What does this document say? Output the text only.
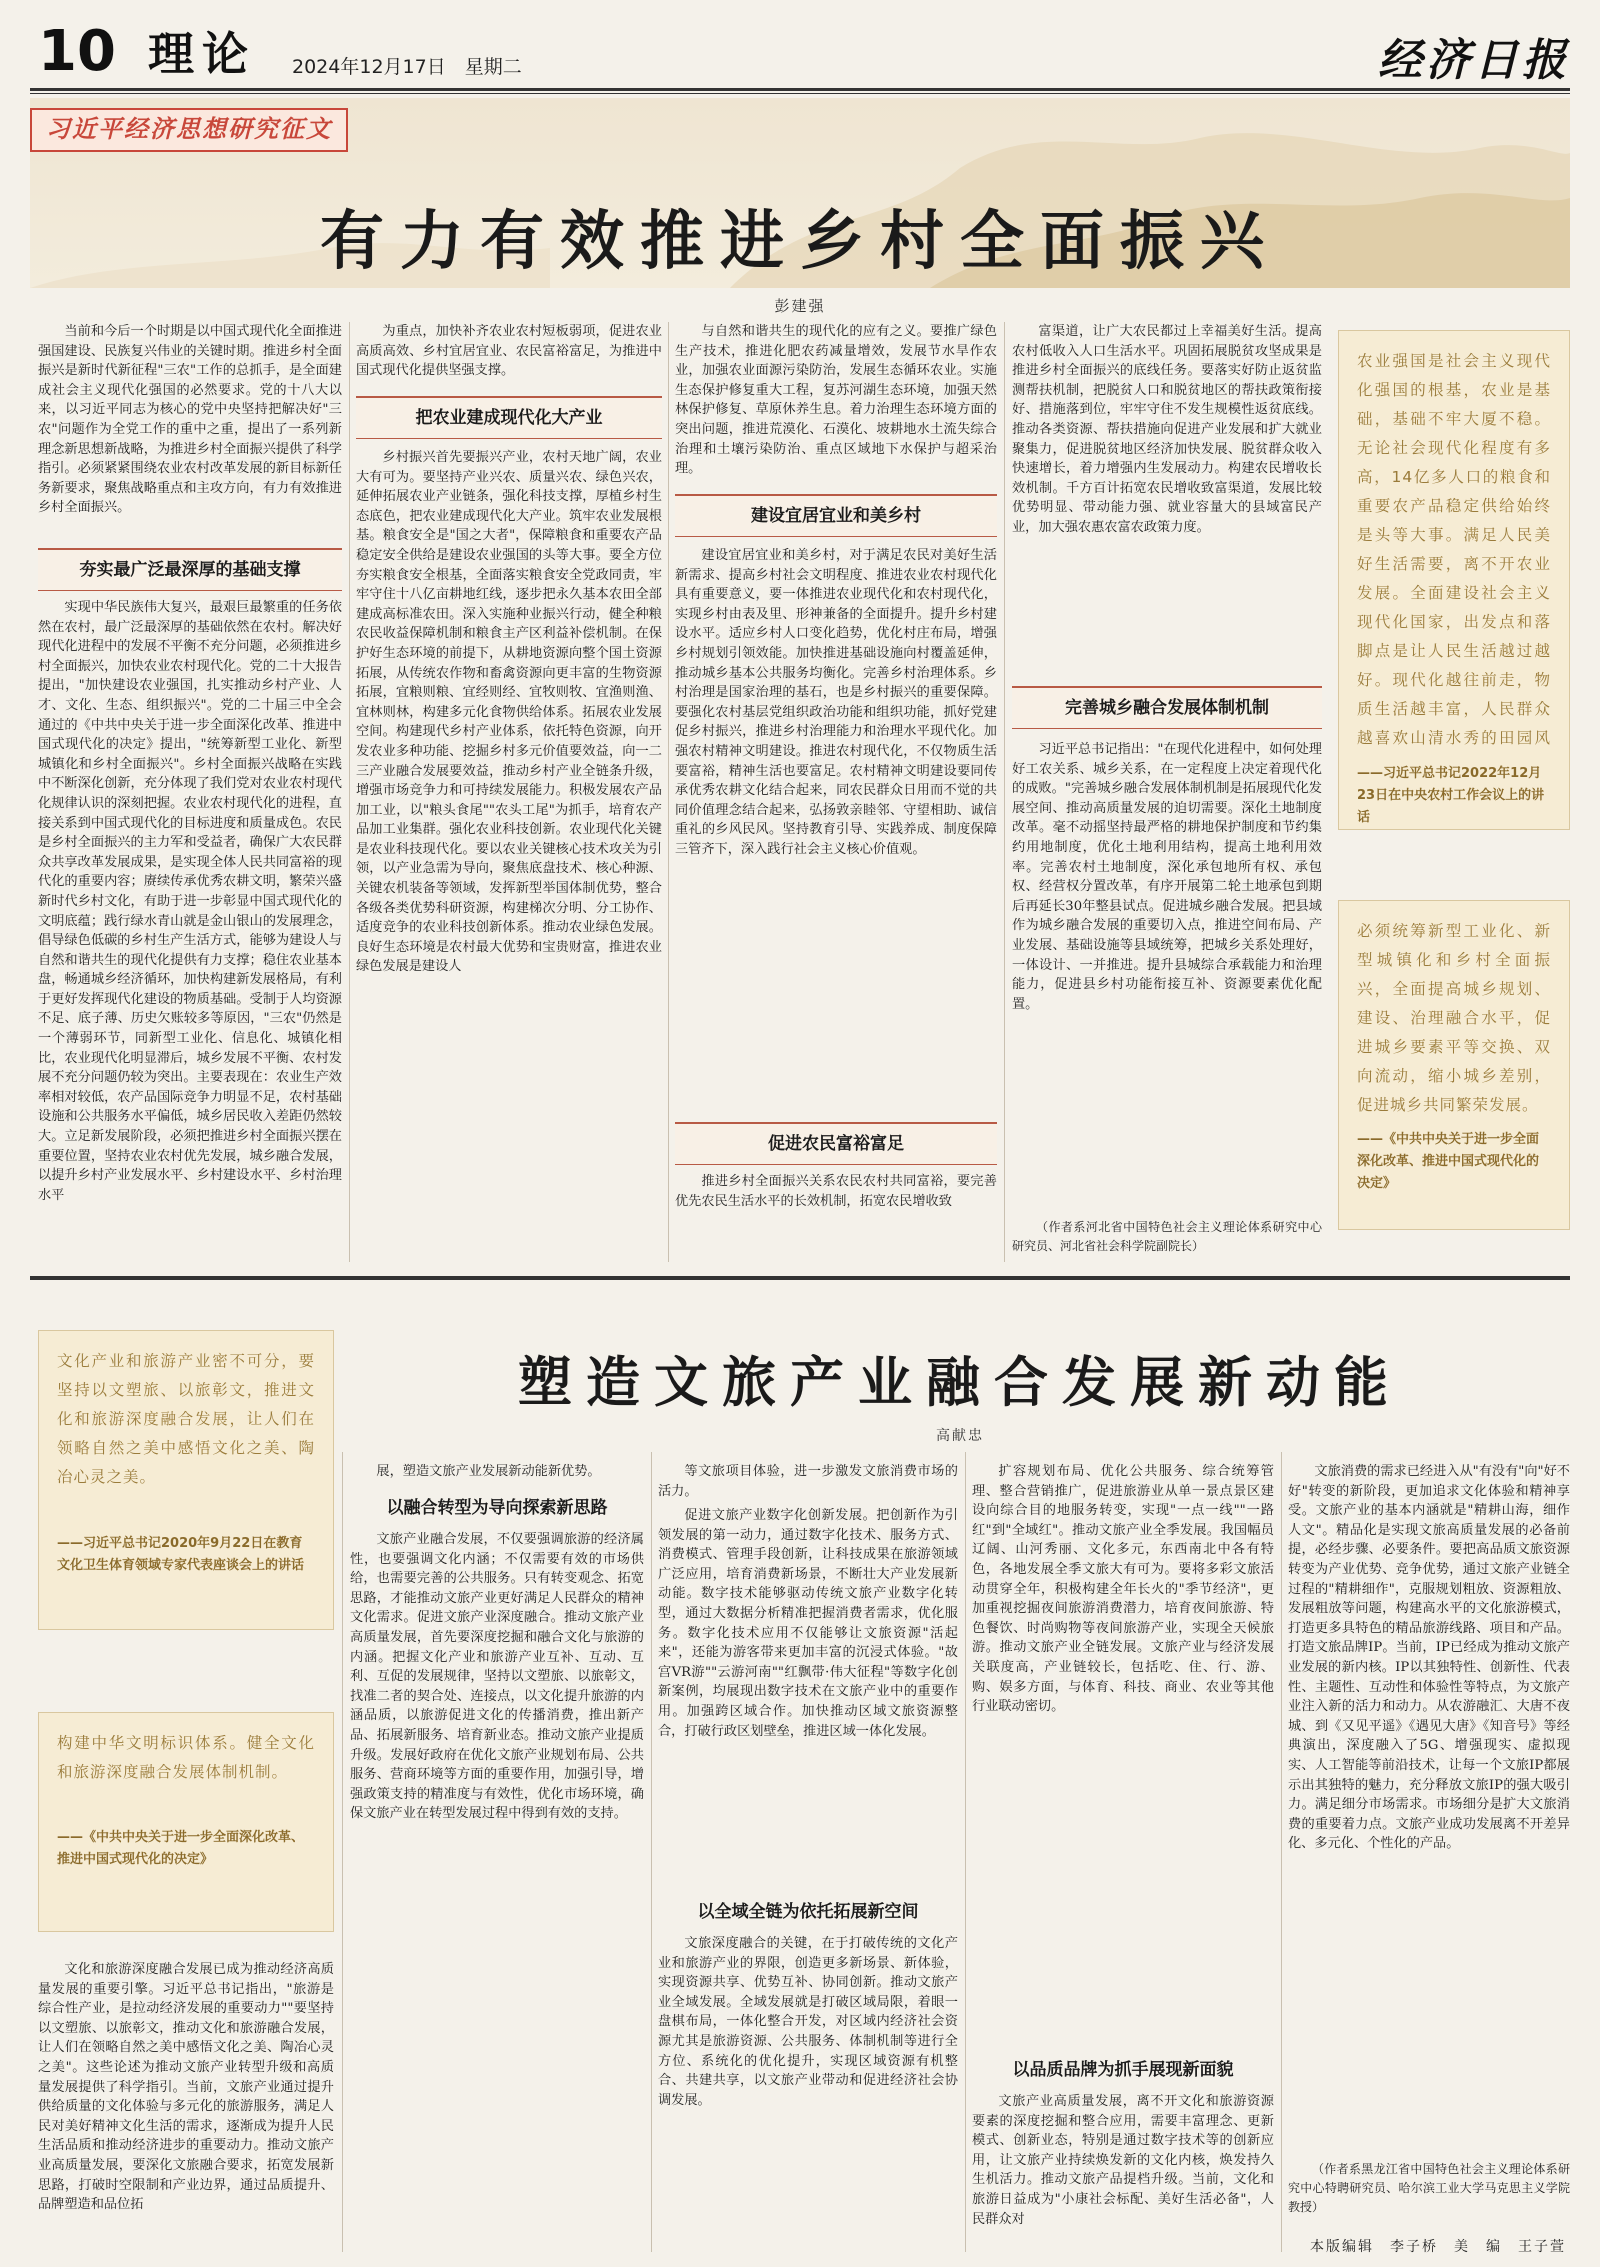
10 理论 2024年12月17日　星期二	经济日报
习近平经济思想研究征文
有力有效推进乡村全面振兴
彭建强

当前和今后一个时期是以中国式现代化全面推进强国建设、民族复兴伟业的关键时期。推进乡村全面振兴是新时代新征程"三农"工作的总抓手，是全面建成社会主义现代化强国的必然要求。党的十八大以来，以习近平同志为核心的党中央坚持把解决好"三农"问题作为全党工作的重中之重，提出了一系列新理念新思想新战略，为推进乡村全面振兴提供了科学指引。必须紧紧围绕农业农村改革发展的新目标新任务新要求，聚焦战略重点和主攻方向，有力有效推进乡村全面振兴。

夯实最广泛最深厚的基础支撑

实现中华民族伟大复兴，最艰巨最繁重的任务依然在农村，最广泛最深厚的基础依然在农村。解决好现代化进程中的发展不平衡不充分问题，必须推进乡村全面振兴，加快农业农村现代化。党的二十大报告提出，"加快建设农业强国，扎实推动乡村产业、人才、文化、生态、组织振兴"。党的二十届三中全会通过的《中共中央关于进一步全面深化改革、推进中国式现代化的决定》提出，"统筹新型工业化、新型城镇化和乡村全面振兴"。乡村全面振兴战略在实践中不断深化创新，充分体现了我们党对农业农村现代化规律认识的深刻把握。农业农村现代化的进程，直接关系到中国式现代化的目标进度和质量成色。农民是乡村全面振兴的主力军和受益者，确保广大农民群众共享改革发展成果，是实现全体人民共同富裕的现代化的重要内容；赓续传承优秀农耕文明，繁荣兴盛新时代乡村文化，有助于进一步彰显中国式现代化的文明底蕴；践行绿水青山就是金山银山的发展理念，倡导绿色低碳的乡村生产生活方式，能够为建设人与自然和谐共生的现代化提供有力支撑；稳住农业基本盘，畅通城乡经济循环，加快构建新发展格局，有利于更好发挥现代化建设的物质基础。受制于人均资源不足、底子薄、历史欠账较多等原因，"三农"仍然是一个薄弱环节，同新型工业化、信息化、城镇化相比，农业现代化明显滞后，城乡发展不平衡、农村发展不充分问题仍较为突出。主要表现在：农业生产效率相对较低，农产品国际竞争力明显不足，农村基础设施和公共服务水平偏低，城乡居民收入差距仍然较大。立足新发展阶段，必须把推进乡村全面振兴摆在重要位置，坚持农业农村优先发展，城乡融合发展，以提升乡村产业发展水平、乡村建设水平、乡村治理水平

为重点，加快补齐农业农村短板弱项，促进农业高质高效、乡村宜居宜业、农民富裕富足，为推进中国式现代化提供坚强支撑。

把农业建成现代化大产业

乡村振兴首先要振兴产业，农村天地广阔，农业大有可为。要坚持产业兴农、质量兴农、绿色兴农，延伸拓展农业产业链条，强化科技支撑，厚植乡村生态底色，把农业建成现代化大产业。筑牢农业发展根基。粮食安全是"国之大者"，保障粮食和重要农产品稳定安全供给是建设农业强国的头等大事。要全方位夯实粮食安全根基，全面落实粮食安全党政同责，牢牢守住十八亿亩耕地红线，逐步把永久基本农田全部建成高标准农田。深入实施种业振兴行动，健全种粮农民收益保障机制和粮食主产区利益补偿机制。在保护好生态环境的前提下，从耕地资源向整个国土资源拓展，从传统农作物和畜禽资源向更丰富的生物资源拓展，宜粮则粮、宜经则经、宜牧则牧、宜渔则渔、宜林则林，构建多元化食物供给体系。拓展农业发展空间。构建现代乡村产业体系，依托特色资源，向开发农业多种功能、挖掘乡村多元价值要效益，向一二三产业融合发展要效益，推动乡村产业全链条升级，增强市场竞争力和可持续发展能力。积极发展农产品加工业，以"粮头食尾""农头工尾"为抓手，培育农产品加工业集群。强化农业科技创新。农业现代化关键是农业科技现代化。要以农业关键核心技术攻关为引领，以产业急需为导向，聚焦底盘技术、核心种源、关键农机装备等领域，发挥新型举国体制优势，整合各级各类优势科研资源，构建梯次分明、分工协作、适度竞争的农业科技创新体系。推动农业绿色发展。良好生态环境是农村最大优势和宝贵财富，推进农业绿色发展是建设人

与自然和谐共生的现代化的应有之义。要推广绿色生产技术，推进化肥农药减量增效，发展节水旱作农业，加强农业面源污染防治，发展生态循环农业。实施生态保护修复重大工程，复苏河湖生态环境，加强天然林保护修复、草原休养生息。着力治理生态环境方面的突出问题，推进荒漠化、石漠化、坡耕地水土流失综合治理和土壤污染防治、重点区域地下水保护与超采治理。

建设宜居宜业和美乡村

建设宜居宜业和美乡村，对于满足农民对美好生活新需求、提高乡村社会文明程度、推进农业农村现代化具有重要意义，要一体推进农业现代化和农村现代化，实现乡村由表及里、形神兼备的全面提升。提升乡村建设水平。适应乡村人口变化趋势，优化村庄布局，增强乡村规划引领效能。加快推进基础设施向村覆盖延伸，推动城乡基本公共服务均衡化。完善乡村治理体系。乡村治理是国家治理的基石，也是乡村振兴的重要保障。要强化农村基层党组织政治功能和组织功能，抓好党建促乡村振兴，推进乡村治理能力和治理水平现代化。加强农村精神文明建设。推进农村现代化，不仅物质生活要富裕，精神生活也要富足。农村精神文明建设要同传承优秀农耕文化结合起来，同农民群众日用而不觉的共同价值理念结合起来，弘扬敦亲睦邻、守望相助、诚信重礼的乡风民风。坚持教育引导、实践养成、制度保障三管齐下，深入践行社会主义核心价值观。

促进农民富裕富足

推进乡村全面振兴关系农民农村共同富裕，要完善优先农民生活水平的长效机制，拓宽农民增收致

富渠道，让广大农民都过上幸福美好生活。提高农村低收入人口生活水平。巩固拓展脱贫攻坚成果是推进乡村全面振兴的底线任务。要落实好防止返贫监测帮扶机制，把脱贫人口和脱贫地区的帮扶政策衔接好、措施落到位，牢牢守住不发生规模性返贫底线。推动各类资源、帮扶措施向促进产业发展和扩大就业聚集力，促进脱贫地区经济加快发展、脱贫群众收入快速增长，着力增强内生发展动力。构建农民增收长效机制。千方百计拓宽农民增收致富渠道，发展比较优势明显、带动能力强、就业容量大的县域富民产业，加大强农惠农富农政策力度。

完善城乡融合发展体制机制

习近平总书记指出："在现代化进程中，如何处理好工农关系、城乡关系，在一定程度上决定着现代化的成败。"完善城乡融合发展体制机制是拓展现代化发展空间、推动高质量发展的迫切需要。深化土地制度改革。毫不动摇坚持最严格的耕地保护制度和节约集约用地制度，优化土地利用结构，提高土地利用效率。完善农村土地制度，深化承包地所有权、承包权、经营权分置改革，有序开展第二轮土地承包到期后再延长30年整县试点。促进城乡融合发展。把县域作为城乡融合发展的重要切入点，推进空间布局、产业发展、基础设施等县域统筹，把城乡关系处理好，一体设计、一并推进。提升县城综合承载能力和治理能力，促进县乡村功能衔接互补、资源要素优化配置。

（作者系河北省中国特色社会主义理论体系研究中心研究员、河北省社会科学院副院长）

农业强国是社会主义现代化强国的根基，农业是基础，基础不牢大厦不稳。无论社会现代化程度有多高，14亿多人口的粮食和重要农产品稳定供给始终是头等大事。满足人民美好生活需要，离不开农业发展。全面建设社会主义现代化国家，出发点和落脚点是让人民生活越过越好。现代化越往前走，物质生活越丰富，人民群众越喜欢山清水秀的田园风
——习近平总书记2022年12月23日在中央农村工作会议上的讲话
必须统筹新型工业化、新型城镇化和乡村全面振兴，全面提高城乡规划、建设、治理融合水平，促进城乡要素平等交换、双向流动，缩小城乡差别，促进城乡共同繁荣发展。
——《中共中央关于进一步全面深化改革、推进中国式现代化的决定》
塑造文旅产业融合发展新动能
高献忠
文化产业和旅游产业密不可分，要坚持以文塑旅、以旅彰文，推进文化和旅游深度融合发展，让人们在领略自然之美中感悟文化之美、陶冶心灵之美。
——习近平总书记2020年9月22日在教育文化卫生体育领域专家代表座谈会上的讲话
构建中华文明标识体系。健全文化和旅游深度融合发展体制机制。
——《中共中央关于进一步全面深化改革、推进中国式现代化的决定》

文化和旅游深度融合发展已成为推动经济高质量发展的重要引擎。习近平总书记指出，"旅游是综合性产业，是拉动经济发展的重要动力""要坚持以文塑旅、以旅彰文，推动文化和旅游融合发展，让人们在领略自然之美中感悟文化之美、陶冶心灵之美"。这些论述为推动文旅产业转型升级和高质量发展提供了科学指引。当前，文旅产业通过提升供给质量的文化体验与多元化的旅游服务，满足人民对美好精神文化生活的需求，逐渐成为提升人民生活品质和推动经济进步的重要动力。推动文旅产业高质量发展，要深化文旅融合要求，拓宽发展新思路，打破时空限制和产业边界，通过品质提升、品牌塑造和品位拓

展，塑造文旅产业发展新动能新优势。

以融合转型为导向探索新思路

文旅产业融合发展，不仅要强调旅游的经济属性，也要强调文化内涵；不仅需要有效的市场供给，也需要完善的公共服务。只有转变观念、拓宽思路，才能推动文旅产业更好满足人民群众的精神文化需求。促进文旅产业深度融合。推动文旅产业高质量发展，首先要深度挖掘和融合文化与旅游的内涵。把握文化产业和旅游产业互补、互动、互利、互促的发展规律，坚持以文塑旅、以旅彰文，找准二者的契合处、连接点，以文化提升旅游的内涵品质，以旅游促进文化的传播消费，推出新产品、拓展新服务、培育新业态。推动文旅产业提质升级。发展好政府在优化文旅产业规划布局、公共服务、营商环境等方面的重要作用，加强引导，增强政策支持的精准度与有效性，优化市场环境，确保文旅产业在转型发展过程中得到有效的支持。

等文旅项目体验，进一步激发文旅消费市场的活力。

促进文旅产业数字化创新发展。把创新作为引领发展的第一动力，通过数字化技术、服务方式、消费模式、管理手段创新，让科技成果在旅游领域广泛应用，培育消费新场景，不断壮大产业发展新动能。数字技术能够驱动传统文旅产业数字化转型，通过大数据分析精准把握消费者需求，优化服务。数字化技术应用不仅能够让文旅资源"活起来"，还能为游客带来更加丰富的沉浸式体验。"故宫VR游""云游河南""红飘带·伟大征程"等数字化创新案例，均展现出数字技术在文旅产业中的重要作用。加强跨区域合作。加快推动区域文旅资源整合，打破行政区划壁垒，推进区域一体化发展。

以全域全链为依托拓展新空间

文旅深度融合的关键，在于打破传统的文化产业和旅游产业的界限，创造更多新场景、新体验，实现资源共享、优势互补、协同创新。推动文旅产业全域发展。全域发展就是打破区域局限，着眼一盘棋布局，一体化整合开发，对区域内经济社会资源尤其是旅游资源、公共服务、体制机制等进行全方位、系统化的优化提升，实现区域资源有机整合、共建共享，以文旅产业带动和促进经济社会协调发展。

扩容规划布局、优化公共服务、综合统筹管理、整合营销推广，促进旅游业从单一景点景区建设向综合目的地服务转变，实现"一点一线""一路红"到"全域红"。推动文旅产业全季发展。我国幅员辽阔、山河秀丽、文化多元，东西南北中各有特色，各地发展全季文旅大有可为。要将多彩文旅活动贯穿全年，积极构建全年长火的"季节经济"，更加重视挖掘夜间旅游消费潜力，培育夜间旅游、特色餐饮、时尚购物等夜间旅游产业，实现全天候旅游。推动文旅产业全链发展。文旅产业与经济发展关联度高，产业链较长，包括吃、住、行、游、购、娱多方面，与体育、科技、商业、农业等其他行业联动密切。

以品质品牌为抓手展现新面貌

文旅产业高质量发展，离不开文化和旅游资源要素的深度挖掘和整合应用，需要丰富理念、更新模式、创新业态，特别是通过数字技术等的创新应用，让文旅产业持续焕发新的文化内核，焕发持久生机活力。推动文旅产品提档升级。当前，文化和旅游日益成为"小康社会标配、美好生活必备"，人民群众对

文旅消费的需求已经进入从"有没有"向"好不好"转变的新阶段，更加追求文化体验和精神享受。文旅产业的基本内涵就是"精耕山海，细作人文"。精品化是实现文旅高质量发展的必备前提，必经步骤、必要条件。要把高品质文旅资源转变为产业优势、竞争优势，通过文旅产业链全过程的"精耕细作"，克服规划粗放、资源粗放、发展粗放等问题，构建高水平的文化旅游模式，打造更多具特色的精品旅游线路、项目和产品。打造文旅品牌IP。当前，IP已经成为推动文旅产业发展的新内核。IP以其独特性、创新性、代表性、主题性、互动性和体验性等特点，为文旅产业注入新的活力和动力。从农游融汇、大唐不夜城、到《又见平遥》《遇见大唐》《知音号》等经典演出，深度融入了5G、增强现实、虚拟现实、人工智能等前沿技术，让每一个文旅IP都展示出其独特的魅力，充分释放文旅IP的强大吸引力。满足细分市场需求。市场细分是扩大文旅消费的重要着力点。文旅产业成功发展离不开差异化、多元化、个性化的产品。

（作者系黑龙江省中国特色社会主义理论体系研究中心特聘研究员、哈尔滨工业大学马克思主义学院教授）

本版编辑　李子桥　美　编　王子萱
